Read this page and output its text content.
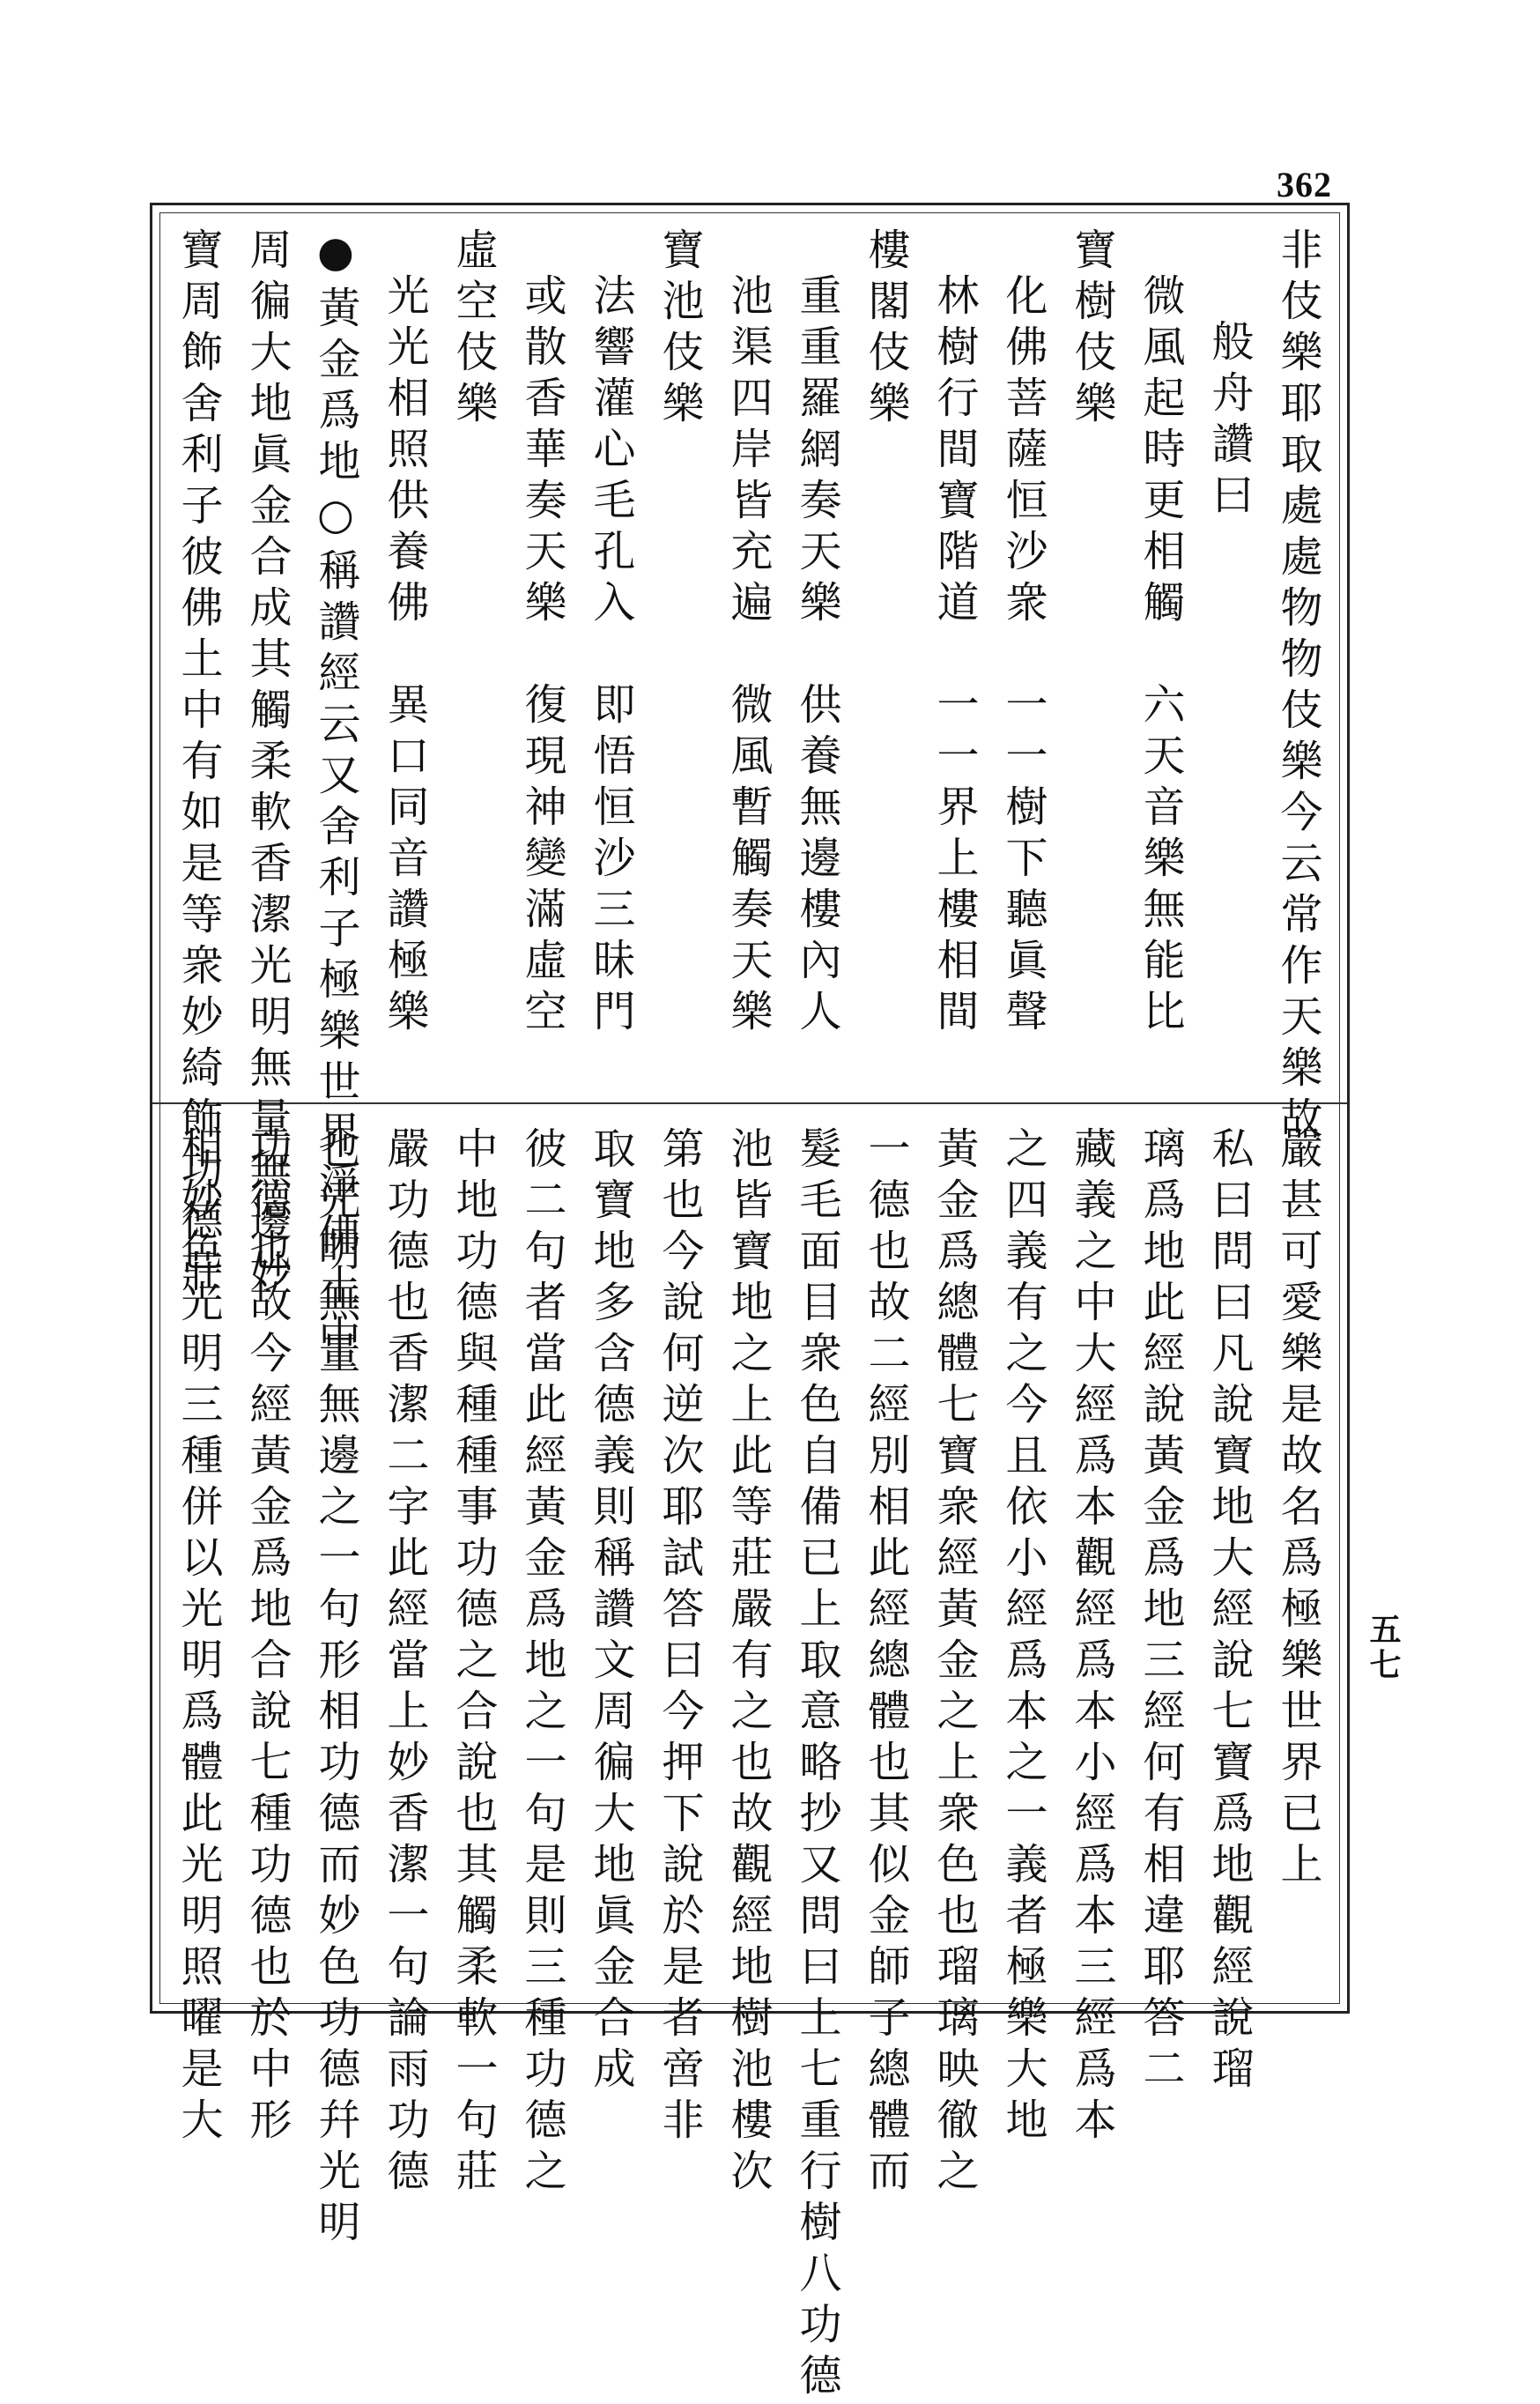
362
五七
非伎樂耶取處處物物伎樂今云常作天樂故
般舟讚曰
微風起時更相觸　六天音樂無能比
寶樹伎樂
化佛菩薩恒沙衆　一一樹下聽眞聲
林樹行間寶階道　一一界上樓相間
樓閣伎樂
重重羅網奏天樂　供養無邊樓內人
池渠四岸皆充遍　微風暫觸奏天樂
寶池伎樂
法響灌心毛孔入　即悟恒沙三昧門
或散香華奏天樂　復現神變滿虛空
虛空伎樂
光光相照供養佛　異口同音讚極樂
●黃金爲地○稱讚經云又舍利子極樂世界淨佛土中
周徧大地眞金合成其觸柔軟香潔光明無量無邊妙
寶周飾舍利子彼佛土中有如是等衆妙綺飾功德莊
嚴甚可愛樂是故名爲極樂世界已上
私曰問曰凡說寶地大經說七寶爲地觀經說瑠
璃爲地此經說黃金爲地三經何有相違耶答二
藏義之中大經爲本觀經爲本小經爲本三經爲本
之四義有之今且依小經爲本之一義者極樂大地
黃金爲總體七寶衆經黃金之上衆色也瑠璃映徹之
一德也故二經別相此經總體也其似金師子總體而
髮毛面目衆色自備已上取意略抄又問曰上七重行樹八功德
池皆寶地之上此等莊嚴有之也故觀經地樹池樓次
第也今說何逆次耶試答曰今押下說於是者啻非
取寶地多含德義則稱讚文周徧大地眞金合成
彼二句者當此經黃金爲地之一句是則三種功德之
中地功德與種種事功德之合說也其觸柔軟一句莊
嚴功德也香潔二字此經當上妙香潔一句論雨功德
也光明無量無邊之一句形相功德而妙色功德幷光明
功德也故今經黃金爲地合說七種功德也於中形
相妙色光明三種併以光明爲體此光明照曜是大
